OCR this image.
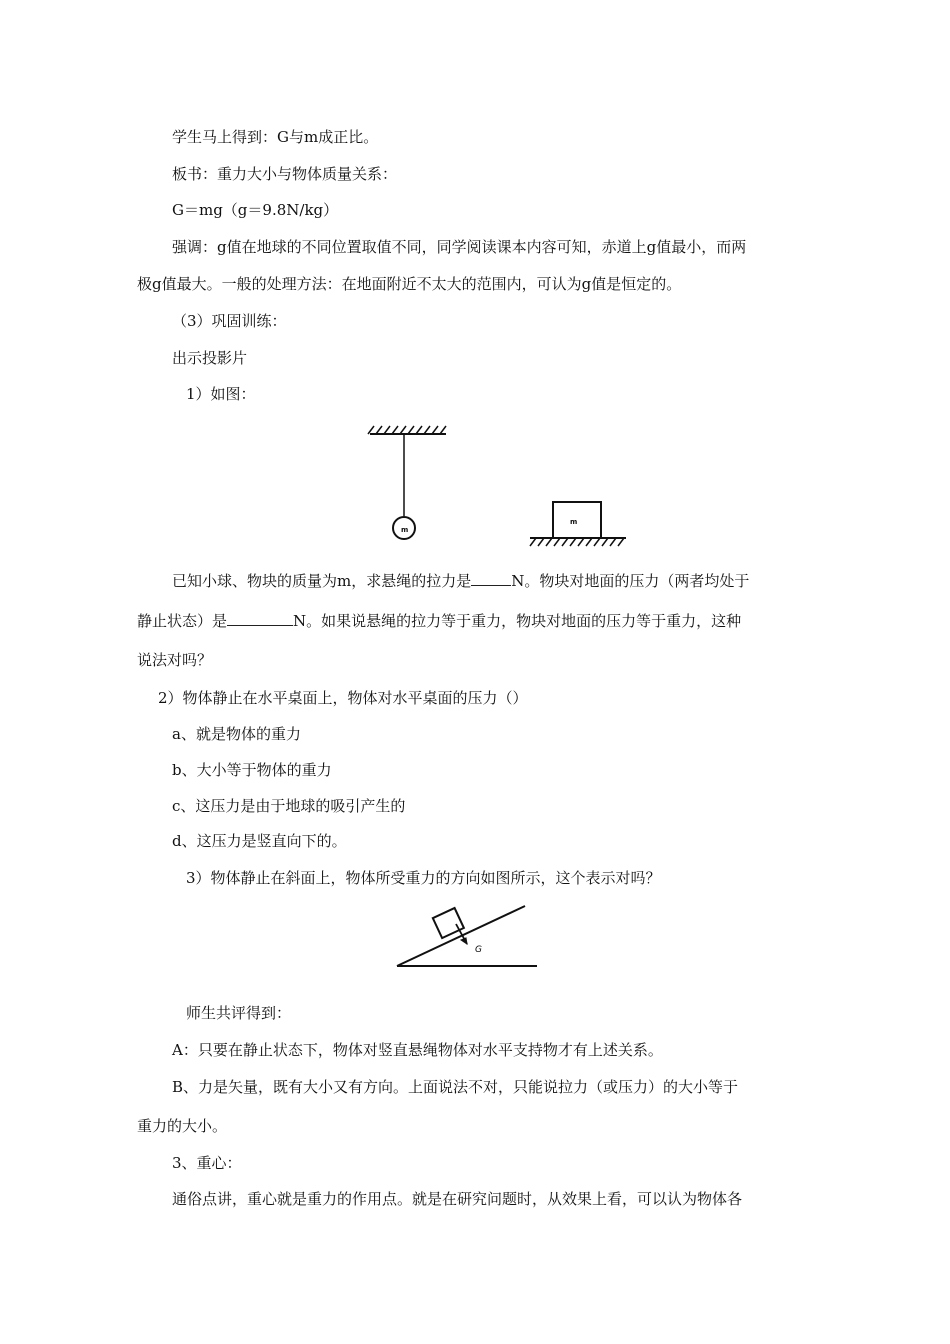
学生马上得到：G与m成正比。
板书：重力大小与物体质量关系：
G＝mg（g＝9.8N/kg）
强调：g值在地球的不同位置取值不同，同学阅读课本内容可知，赤道上g值最小，而两
极g值最大。一般的处理方法：在地面附近不太大的范围内，可认为g值是恒定的。
（3）巩固训练：
出示投影片
1）如图：
m
m
已知小球、物块的质量为m，求悬绳的拉力是	N。物块对地面的压力（两者均处于
静止状态）是	N。如果说悬绳的拉力等于重力，物块对地面的压力等于重力，这种
说法对吗？
2）物体静止在水平桌面上，物体对水平桌面的压力（）
a、就是物体的重力
b、大小等于物体的重力
c、这压力是由于地球的吸引产生的
d、这压力是竖直向下的。
3）物体静止在斜面上，物体所受重力的方向如图所示，这个表示对吗？
G
师生共评得到：
A：只要在静止状态下，物体对竖直悬绳物体对水平支持物才有上述关系。
B、力是矢量，既有大小又有方向。上面说法不对，只能说拉力（或压力）的大小等于
重力的大小。
3、重心：
通俗点讲，重心就是重力的作用点。就是在研究问题时，从效果上看，可以认为物体各
